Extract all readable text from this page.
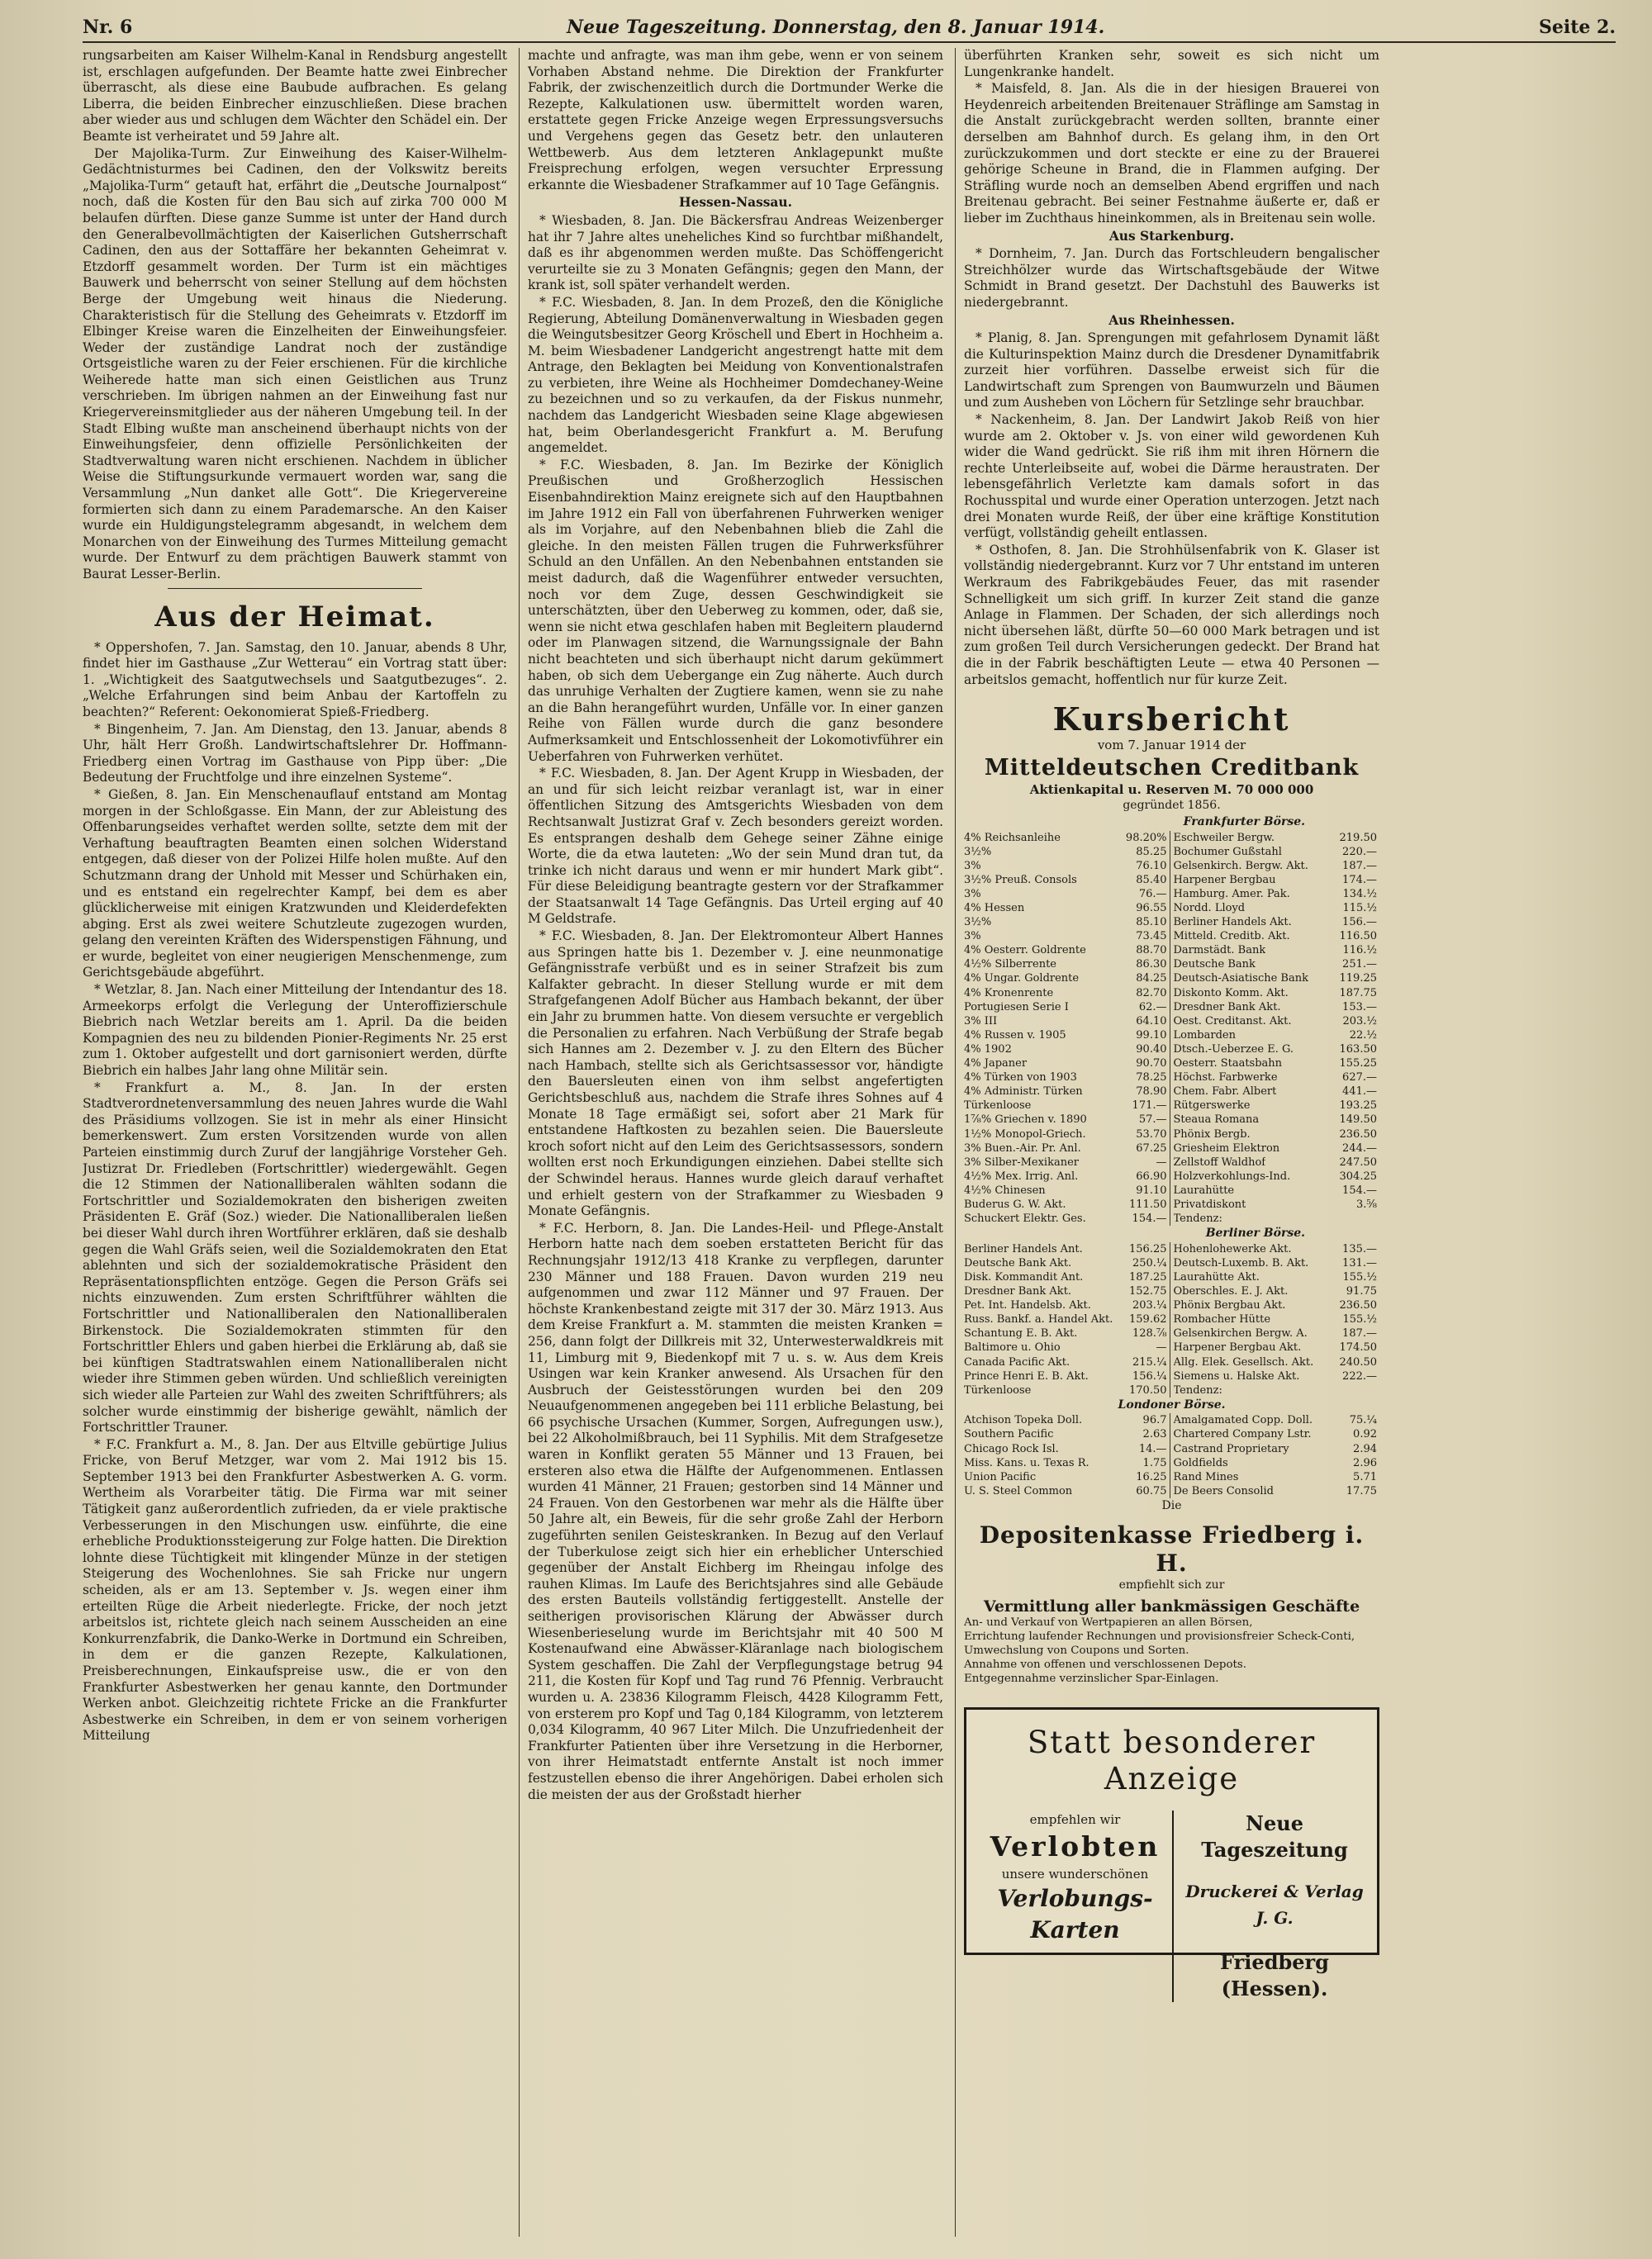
Nr. 6	Neue Tageszeitung. Donnerstag, den 8. Januar 1914.	Seite 2.

rungsarbeiten am Kaiser Wilhelm-Kanal in Rendsburg angestellt ist, erschlagen aufgefunden. Der Beamte hatte zwei Einbrecher überrascht, als diese eine Baubude aufbrachen. Es gelang Liberra, die beiden Einbrecher einzuschließen. Diese brachen aber wieder aus und schlugen dem Wächter den Schädel ein. Der Beamte ist verheiratet und 59 Jahre alt.

Der Majolika-Turm. Zur Einweihung des Kaiser-Wilhelm-Gedächtnisturmes bei Cadinen, den der Volkswitz bereits „Majolika-Turm“ getauft hat, erfährt die „Deutsche Journalpost“ noch, daß die Kosten für den Bau sich auf zirka 700 000 M belaufen dürften. Diese ganze Summe ist unter der Hand durch den Generalbevollmächtigten der Kaiserlichen Gutsherrschaft Cadinen, den aus der Sottaffäre her bekannten Geheimrat v. Etzdorff gesammelt worden. Der Turm ist ein mächtiges Bauwerk und beherrscht von seiner Stellung auf dem höchsten Berge der Umgebung weit hinaus die Niederung. Charakteristisch für die Stellung des Geheimrats v. Etzdorff im Elbinger Kreise waren die Einzelheiten der Einweihungsfeier. Weder der zuständige Landrat noch der zuständige Ortsgeistliche waren zu der Feier erschienen. Für die kirchliche Weiherede hatte man sich einen Geistlichen aus Trunz verschrieben. Im übrigen nahmen an der Einweihung fast nur Kriegervereinsmitglieder aus der näheren Umgebung teil. In der Stadt Elbing wußte man anscheinend überhaupt nichts von der Einweihungsfeier, denn offizielle Persönlichkeiten der Stadtverwaltung waren nicht erschienen. Nachdem in üblicher Weise die Stiftungsurkunde vermauert worden war, sang die Versammlung „Nun danket alle Gott“. Die Kriegervereine formierten sich dann zu einem Parademarsche. An den Kaiser wurde ein Huldigungstelegramm abgesandt, in welchem dem Monarchen von der Einweihung des Turmes Mitteilung gemacht wurde. Der Entwurf zu dem prächtigen Bauwerk stammt von Baurat Lesser-Berlin.

Aus der Heimat.

* Oppershofen, 7. Jan. Samstag, den 10. Januar, abends 8 Uhr, findet hier im Gasthause „Zur Wetterau“ ein Vortrag statt über: 1. „Wichtigkeit des Saatgutwechsels und Saatgutbezuges“. 2. „Welche Erfahrungen sind beim Anbau der Kartoffeln zu beachten?“ Referent: Oekonomierat Spieß-Friedberg.

* Bingenheim, 7. Jan. Am Dienstag, den 13. Januar, abends 8 Uhr, hält Herr Großh. Landwirtschaftslehrer Dr. Hoffmann-Friedberg einen Vortrag im Gasthause von Pipp über: „Die Bedeutung der Fruchtfolge und ihre einzelnen Systeme“.

* Gießen, 8. Jan. Ein Menschenauflauf entstand am Montag morgen in der Schloßgasse. Ein Mann, der zur Ableistung des Offenbarungseides verhaftet werden sollte, setzte dem mit der Verhaftung beauftragten Beamten einen solchen Widerstand entgegen, daß dieser von der Polizei Hilfe holen mußte. Auf den Schutzmann drang der Unhold mit Messer und Schürhaken ein, und es entstand ein regelrechter Kampf, bei dem es aber glücklicherweise mit einigen Kratzwunden und Kleiderdefekten abging. Erst als zwei weitere Schutzleute zugezogen wurden, gelang den vereinten Kräften des Widerspenstigen Fähnung, und er wurde, begleitet von einer neugierigen Menschenmenge, zum Gerichtsgebäude abgeführt.

* Wetzlar, 8. Jan. Nach einer Mitteilung der Intendantur des 18. Armeekorps erfolgt die Verlegung der Unteroffizierschule Biebrich nach Wetzlar bereits am 1. April. Da die beiden Kompagnien des neu zu bildenden Pionier-Regiments Nr. 25 erst zum 1. Oktober aufgestellt und dort garnisoniert werden, dürfte Biebrich ein halbes Jahr lang ohne Militär sein.

* Frankfurt a. M., 8. Jan. In der ersten Stadtverordnetenversammlung des neuen Jahres wurde die Wahl des Präsidiums vollzogen. Sie ist in mehr als einer Hinsicht bemerkenswert. Zum ersten Vorsitzenden wurde von allen Parteien einstimmig durch Zuruf der langjährige Vorsteher Geh. Justizrat Dr. Friedleben (Fortschrittler) wiedergewählt. Gegen die 12 Stimmen der Nationalliberalen wählten sodann die Fortschrittler und Sozialdemokraten den bisherigen zweiten Präsidenten E. Gräf (Soz.) wieder. Die Nationalliberalen ließen bei dieser Wahl durch ihren Wortführer erklären, daß sie deshalb gegen die Wahl Gräfs seien, weil die Sozialdemokraten den Etat ablehnten und sich der sozialdemokratische Präsident den Repräsentationspflichten entzöge. Gegen die Person Gräfs sei nichts einzuwenden. Zum ersten Schriftführer wählten die Fortschrittler und Nationalliberalen den Nationalliberalen Birkenstock. Die Sozialdemokraten stimmten für den Fortschrittler Ehlers und gaben hierbei die Erklärung ab, daß sie bei künftigen Stadtratswahlen einem Nationalliberalen nicht wieder ihre Stimmen geben würden. Und schließlich vereinigten sich wieder alle Parteien zur Wahl des zweiten Schriftführers; als solcher wurde einstimmig der bisherige gewählt, nämlich der Fortschrittler Trauner.

* F.C. Frankfurt a. M., 8. Jan. Der aus Eltville gebürtige Julius Fricke, von Beruf Metzger, war vom 2. Mai 1912 bis 15. September 1913 bei den Frankfurter Asbestwerken A. G. vorm. Wertheim als Vorarbeiter tätig. Die Firma war mit seiner Tätigkeit ganz außerordentlich zufrieden, da er viele praktische Verbesserungen in den Mischungen usw. einführte, die eine erhebliche Produktionssteigerung zur Folge hatten. Die Direktion lohnte diese Tüchtigkeit mit klingender Münze in der stetigen Steigerung des Wochenlohnes. Sie sah Fricke nur ungern scheiden, als er am 13. September v. Js. wegen einer ihm erteilten Rüge die Arbeit niederlegte. Fricke, der noch jetzt arbeitslos ist, richtete gleich nach seinem Ausscheiden an eine Konkurrenzfabrik, die Danko-Werke in Dortmund ein Schreiben, in dem er die ganzen Rezepte, Kalkulationen, Preisberechnungen, Einkaufspreise usw., die er von den Frankfurter Asbestwerken her genau kannte, den Dortmunder Werken anbot. Gleichzeitig richtete Fricke an die Frankfurter Asbestwerke ein Schreiben, in dem er von seinem vorherigen Mitteilung

machte und anfragte, was man ihm gebe, wenn er von seinem Vorhaben Abstand nehme. Die Direktion der Frankfurter Fabrik, der zwischenzeitlich durch die Dortmunder Werke die Rezepte, Kalkulationen usw. übermittelt worden waren, erstattete gegen Fricke Anzeige wegen Erpressungsversuchs und Vergehens gegen das Gesetz betr. den unlauteren Wettbewerb. Aus dem letzteren Anklagepunkt mußte Freisprechung erfolgen, wegen versuchter Erpressung erkannte die Wiesbadener Strafkammer auf 10 Tage Gefängnis.

Hessen-Nassau.

* Wiesbaden, 8. Jan. Die Bäckersfrau Andreas Weizenberger hat ihr 7 Jahre altes uneheliches Kind so furchtbar mißhandelt, daß es ihr abgenommen werden mußte. Das Schöffengericht verurteilte sie zu 3 Monaten Gefängnis; gegen den Mann, der krank ist, soll später verhandelt werden.

* F.C. Wiesbaden, 8. Jan. In dem Prozeß, den die Königliche Regierung, Abteilung Domänenverwaltung in Wiesbaden gegen die Weingutsbesitzer Georg Kröschell und Ebert in Hochheim a. M. beim Wiesbadener Landgericht angestrengt hatte mit dem Antrage, den Beklagten bei Meidung von Konventionalstrafen zu verbieten, ihre Weine als Hochheimer Domdechaney-Weine zu bezeichnen und so zu verkaufen, da der Fiskus nunmehr, nachdem das Landgericht Wiesbaden seine Klage abgewiesen hat, beim Oberlandesgericht Frankfurt a. M. Berufung angemeldet.

* F.C. Wiesbaden, 8. Jan. Im Bezirke der Königlich Preußischen und Großherzoglich Hessischen Eisenbahndirektion Mainz ereignete sich auf den Hauptbahnen im Jahre 1912 ein Fall von überfahrenen Fuhrwerken weniger als im Vorjahre, auf den Nebenbahnen blieb die Zahl die gleiche. In den meisten Fällen trugen die Fuhrwerksführer Schuld an den Unfällen. An den Nebenbahnen entstanden sie meist dadurch, daß die Wagenführer entweder versuchten, noch vor dem Zuge, dessen Geschwindigkeit sie unterschätzten, über den Ueberweg zu kommen, oder, daß sie, wenn sie nicht etwa geschlafen haben mit Begleitern plaudernd oder im Planwagen sitzend, die Warnungssignale der Bahn nicht beachteten und sich überhaupt nicht darum gekümmert haben, ob sich dem Uebergange ein Zug näherte. Auch durch das unruhige Verhalten der Zugtiere kamen, wenn sie zu nahe an die Bahn herangeführt wurden, Unfälle vor. In einer ganzen Reihe von Fällen wurde durch die ganz besondere Aufmerksamkeit und Entschlossenheit der Lokomotivführer ein Ueberfahren von Fuhrwerken verhütet.

* F.C. Wiesbaden, 8. Jan. Der Agent Krupp in Wiesbaden, der an und für sich leicht reizbar veranlagt ist, war in einer öffentlichen Sitzung des Amtsgerichts Wiesbaden von dem Rechtsanwalt Justizrat Graf v. Zech besonders gereizt worden. Es entsprangen deshalb dem Gehege seiner Zähne einige Worte, die da etwa lauteten: „Wo der sein Mund dran tut, da trinke ich nicht daraus und wenn er mir hundert Mark gibt“. Für diese Beleidigung beantragte gestern vor der Strafkammer der Staatsanwalt 14 Tage Gefängnis. Das Urteil erging auf 40 M Geldstrafe.

* F.C. Wiesbaden, 8. Jan. Der Elektromonteur Albert Hannes aus Springen hatte bis 1. Dezember v. J. eine neunmonatige Gefängnisstrafe verbüßt und es in seiner Strafzeit bis zum Kalfakter gebracht. In dieser Stellung wurde er mit dem Strafgefangenen Adolf Bücher aus Hambach bekannt, der über ein Jahr zu brummen hatte. Von diesem versuchte er vergeblich die Personalien zu erfahren. Nach Verbüßung der Strafe begab sich Hannes am 2. Dezember v. J. zu den Eltern des Bücher nach Hambach, stellte sich als Gerichtsassessor vor, händigte den Bauersleuten einen von ihm selbst angefertigten Gerichtsbeschluß aus, nachdem die Strafe ihres Sohnes auf 4 Monate 18 Tage ermäßigt sei, sofort aber 21 Mark für entstandene Haftkosten zu bezahlen seien. Die Bauersleute kroch sofort nicht auf den Leim des Gerichtsassessors, sondern wollten erst noch Erkundigungen einziehen. Dabei stellte sich der Schwindel heraus. Hannes wurde gleich darauf verhaftet und erhielt gestern von der Strafkammer zu Wiesbaden 9 Monate Gefängnis.

* F.C. Herborn, 8. Jan. Die Landes-Heil- und Pflege-Anstalt Herborn hatte nach dem soeben erstatteten Bericht für das Rechnungsjahr 1912/13 418 Kranke zu verpflegen, darunter 230 Männer und 188 Frauen. Davon wurden 219 neu aufgenommen und zwar 112 Männer und 97 Frauen. Der höchste Krankenbestand zeigte mit 317 der 30. März 1913. Aus dem Kreise Frankfurt a. M. stammten die meisten Kranken = 256, dann folgt der Dillkreis mit 32, Unterwesterwaldkreis mit 11, Limburg mit 9, Biedenkopf mit 7 u. s. w. Aus dem Kreis Usingen war kein Kranker anwesend. Als Ursachen für den Ausbruch der Geistesstörungen wurden bei den 209 Neuaufgenommenen angegeben bei 111 erbliche Belastung, bei 66 psychische Ursachen (Kummer, Sorgen, Aufregungen usw.), bei 22 Alkoholmißbrauch, bei 11 Syphilis. Mit dem Strafgesetze waren in Konflikt geraten 55 Männer und 13 Frauen, bei ersteren also etwa die Hälfte der Aufgenommenen. Entlassen wurden 41 Männer, 21 Frauen; gestorben sind 14 Männer und 24 Frauen. Von den Gestorbenen war mehr als die Hälfte über 50 Jahre alt, ein Beweis, für die sehr große Zahl der Herborn zugeführten senilen Geisteskranken. In Bezug auf den Verlauf der Tuberkulose zeigt sich hier ein erheblicher Unterschied gegenüber der Anstalt Eichberg im Rheingau infolge des rauhen Klimas. Im Laufe des Berichtsjahres sind alle Gebäude des ersten Bauteils vollständig fertiggestellt. Anstelle der seitherigen provisorischen Klärung der Abwässer durch Wiesenberieselung wurde im Berichtsjahr mit 40 500 M Kostenaufwand eine Abwässer-Kläranlage nach biologischem System geschaffen. Die Zahl der Verpflegungstage betrug 94 211, die Kosten für Kopf und Tag rund 76 Pfennig. Verbraucht wurden u. A. 23836 Kilogramm Fleisch, 4428 Kilogramm Fett, von ersterem pro Kopf und Tag 0,184 Kilogramm, von letzterem 0,034 Kilogramm, 40 967 Liter Milch. Die Unzufriedenheit der Frankfurter Patienten über ihre Versetzung in die Herborner, von ihrer Heimatstadt entfernte Anstalt ist noch immer festzustellen ebenso die ihrer Angehörigen. Dabei erholen sich die meisten der aus der Großstadt hierher

überführten Kranken sehr, soweit es sich nicht um Lungenkranke handelt.

* Maisfeld, 8. Jan. Als die in der hiesigen Brauerei von Heydenreich arbeitenden Breitenauer Sträflinge am Samstag in die Anstalt zurückgebracht werden sollten, brannte einer derselben am Bahnhof durch. Es gelang ihm, in den Ort zurückzukommen und dort steckte er eine zu der Brauerei gehörige Scheune in Brand, die in Flammen aufging. Der Sträfling wurde noch an demselben Abend ergriffen und nach Breitenau gebracht. Bei seiner Festnahme äußerte er, daß er lieber im Zuchthaus hineinkommen, als in Breitenau sein wolle.

Aus Starkenburg.

* Dornheim, 7. Jan. Durch das Fortschleudern bengalischer Streichhölzer wurde das Wirtschaftsgebäude der Witwe Schmidt in Brand gesetzt. Der Dachstuhl des Bauwerks ist niedergebrannt.

Aus Rheinhessen.

* Planig, 8. Jan. Sprengungen mit gefahrlosem Dynamit läßt die Kulturinspektion Mainz durch die Dresdener Dynamitfabrik zurzeit hier vorführen. Dasselbe erweist sich für die Landwirtschaft zum Sprengen von Baumwurzeln und Bäumen und zum Ausheben von Löchern für Setzlinge sehr brauchbar.

* Nackenheim, 8. Jan. Der Landwirt Jakob Reiß von hier wurde am 2. Oktober v. Js. von einer wild gewordenen Kuh wider die Wand gedrückt. Sie riß ihm mit ihren Hörnern die rechte Unterleibseite auf, wobei die Därme heraustraten. Der lebensgefährlich Verletzte kam damals sofort in das Rochusspital und wurde einer Operation unterzogen. Jetzt nach drei Monaten wurde Reiß, der über eine kräftige Konstitution verfügt, vollständig geheilt entlassen.

* Osthofen, 8. Jan. Die Strohhülsenfabrik von K. Glaser ist vollständig niedergebrannt. Kurz vor 7 Uhr entstand im unteren Werkraum des Fabrikgebäudes Feuer, das mit rasender Schnelligkeit um sich griff. In kurzer Zeit stand die ganze Anlage in Flammen. Der Schaden, der sich allerdings noch nicht übersehen läßt, dürfte 50—60 000 Mark betragen und ist zum großen Teil durch Versicherungen gedeckt. Der Brand hat die in der Fabrik beschäftigten Leute — etwa 40 Personen — arbeitslos gemacht, hoffentlich nur für kurze Zeit.

Kursbericht
vom 7. Januar 1914 der
Mitteldeutschen Creditbank
Aktienkapital u. Reserven M. 70 000 000
gegründet 1856.
Frankfurter Börse.
4% Reichsanleihe	98.20%
3½%	85.25
3%	76.10
3½% Preuß. Consols	85.40
3%	76.—
4% Hessen	96.55
3½%	85.10
3%	73.45
4% Oesterr. Goldrente	88.70
4½% Silberrente	86.30
4% Ungar. Goldrente	84.25
4% Kronenrente	82.70
Portugiesen Serie I	62.—
3% III	64.10
4% Russen v. 1905	99.10
4% 1902	90.40
4% Japaner	90.70
4% Türken von 1903	78.25
4% Administr. Türken	78.90
Türkenloose	171.—
1⅞% Griechen v. 1890	57.—
1½% Monopol-Griech.	53.70
3% Buen.-Air. Pr. Anl.	67.25
3% Silber-Mexikaner	—
4½% Mex. Irrig. Anl.	66.90
4½% Chinesen	91.10
Buderus G. W. Akt.	111.50
Schuckert Elektr. Ges.	154.—
Eschweiler Bergw.	219.50
Bochumer Gußstahl	220.—
Gelsenkirch. Bergw. Akt.	187.—
Harpener Bergbau	174.—
Hamburg. Amer. Pak.	134.½
Nordd. Lloyd	115.½
Berliner Handels Akt.	156.—
Mitteld. Creditb. Akt.	116.50
Darmstädt. Bank	116.½
Deutsche Bank	251.—
Deutsch-Asiatische Bank	119.25
Diskonto Komm. Akt.	187.75
Dresdner Bank Akt.	153.—
Oest. Creditanst. Akt.	203.½
Lombarden	22.½
Dtsch.-Ueberzee E. G.	163.50
Oesterr. Staatsbahn	155.25
Höchst. Farbwerke	627.—
Chem. Fabr. Albert	441.—
Rütgerswerke	193.25
Steaua Romana	149.50
Phönix Bergb.	236.50
Griesheim Elektron	244.—
Zellstoff Waldhof	247.50
Holzverkohlungs-Ind.	304.25
Laurahütte	154.—
Privatdiskont	3.⅝
Tendenz:
Berliner Börse.
Berliner Handels Ant.	156.25
Deutsche Bank Akt.	250.¼
Disk. Kommandit Ant.	187.25
Dresdner Bank Akt.	152.75
Pet. Int. Handelsb. Akt.	203.¼
Russ. Bankf. a. Handel Akt. 159.62
Schantung E. B. Akt.	128.⅞
Baltimore u. Ohio	—
Canada Pacific Akt.	215.¼
Prince Henri E. B. Akt.	156.¼
Türkenloose	170.50
Hohenlohewerke Akt.	135.—
Deutsch-Luxemb. B. Akt.	131.—
Laurahütte Akt.	155.½
Oberschles. E. J. Akt.	91.75
Phönix Bergbau Akt.	236.50
Rombacher Hütte	155.½
Gelsenkirchen Bergw. A.	187.—
Harpener Bergbau Akt.	174.50
Allg. Elek. Gesellsch. Akt. 240.50
Siemens u. Halske Akt.	222.—
Tendenz:
Londoner Börse.
Atchison Topeka Doll.	96.7
Southern Pacific	2.63
Chicago Rock Isl.	14.—
Miss. Kans. u. Texas R.	1.75
Union Pacific	16.25
U. S. Steel Common	60.75
Amalgamated Copp. Doll.	75.¼
Chartered Company Lstr.	0.92
Castrand Proprietary	2.94
Goldfields	2.96
Rand Mines	5.71
De Beers Consolid	17.75
Die
Depositenkasse Friedberg i. H.
empfiehlt sich zur
Vermittlung aller bankmässigen Geschäfte

An- und Verkauf von Wertpapieren an allen Börsen,

Errichtung laufender Rechnungen und provisionsfreier Scheck-Conti,

Umwechslung von Coupons und Sorten.

Annahme von offenen und verschlossenen Depots.

Entgegennahme verzinslicher Spar-Einlagen.

Statt besonderer Anzeige
empfehlen wir
Verlobten
unsere wunderschönen
Verlobungs-Karten
Neue Tageszeitung
Druckerei & Verlag J. G.
Friedberg (Hessen).
